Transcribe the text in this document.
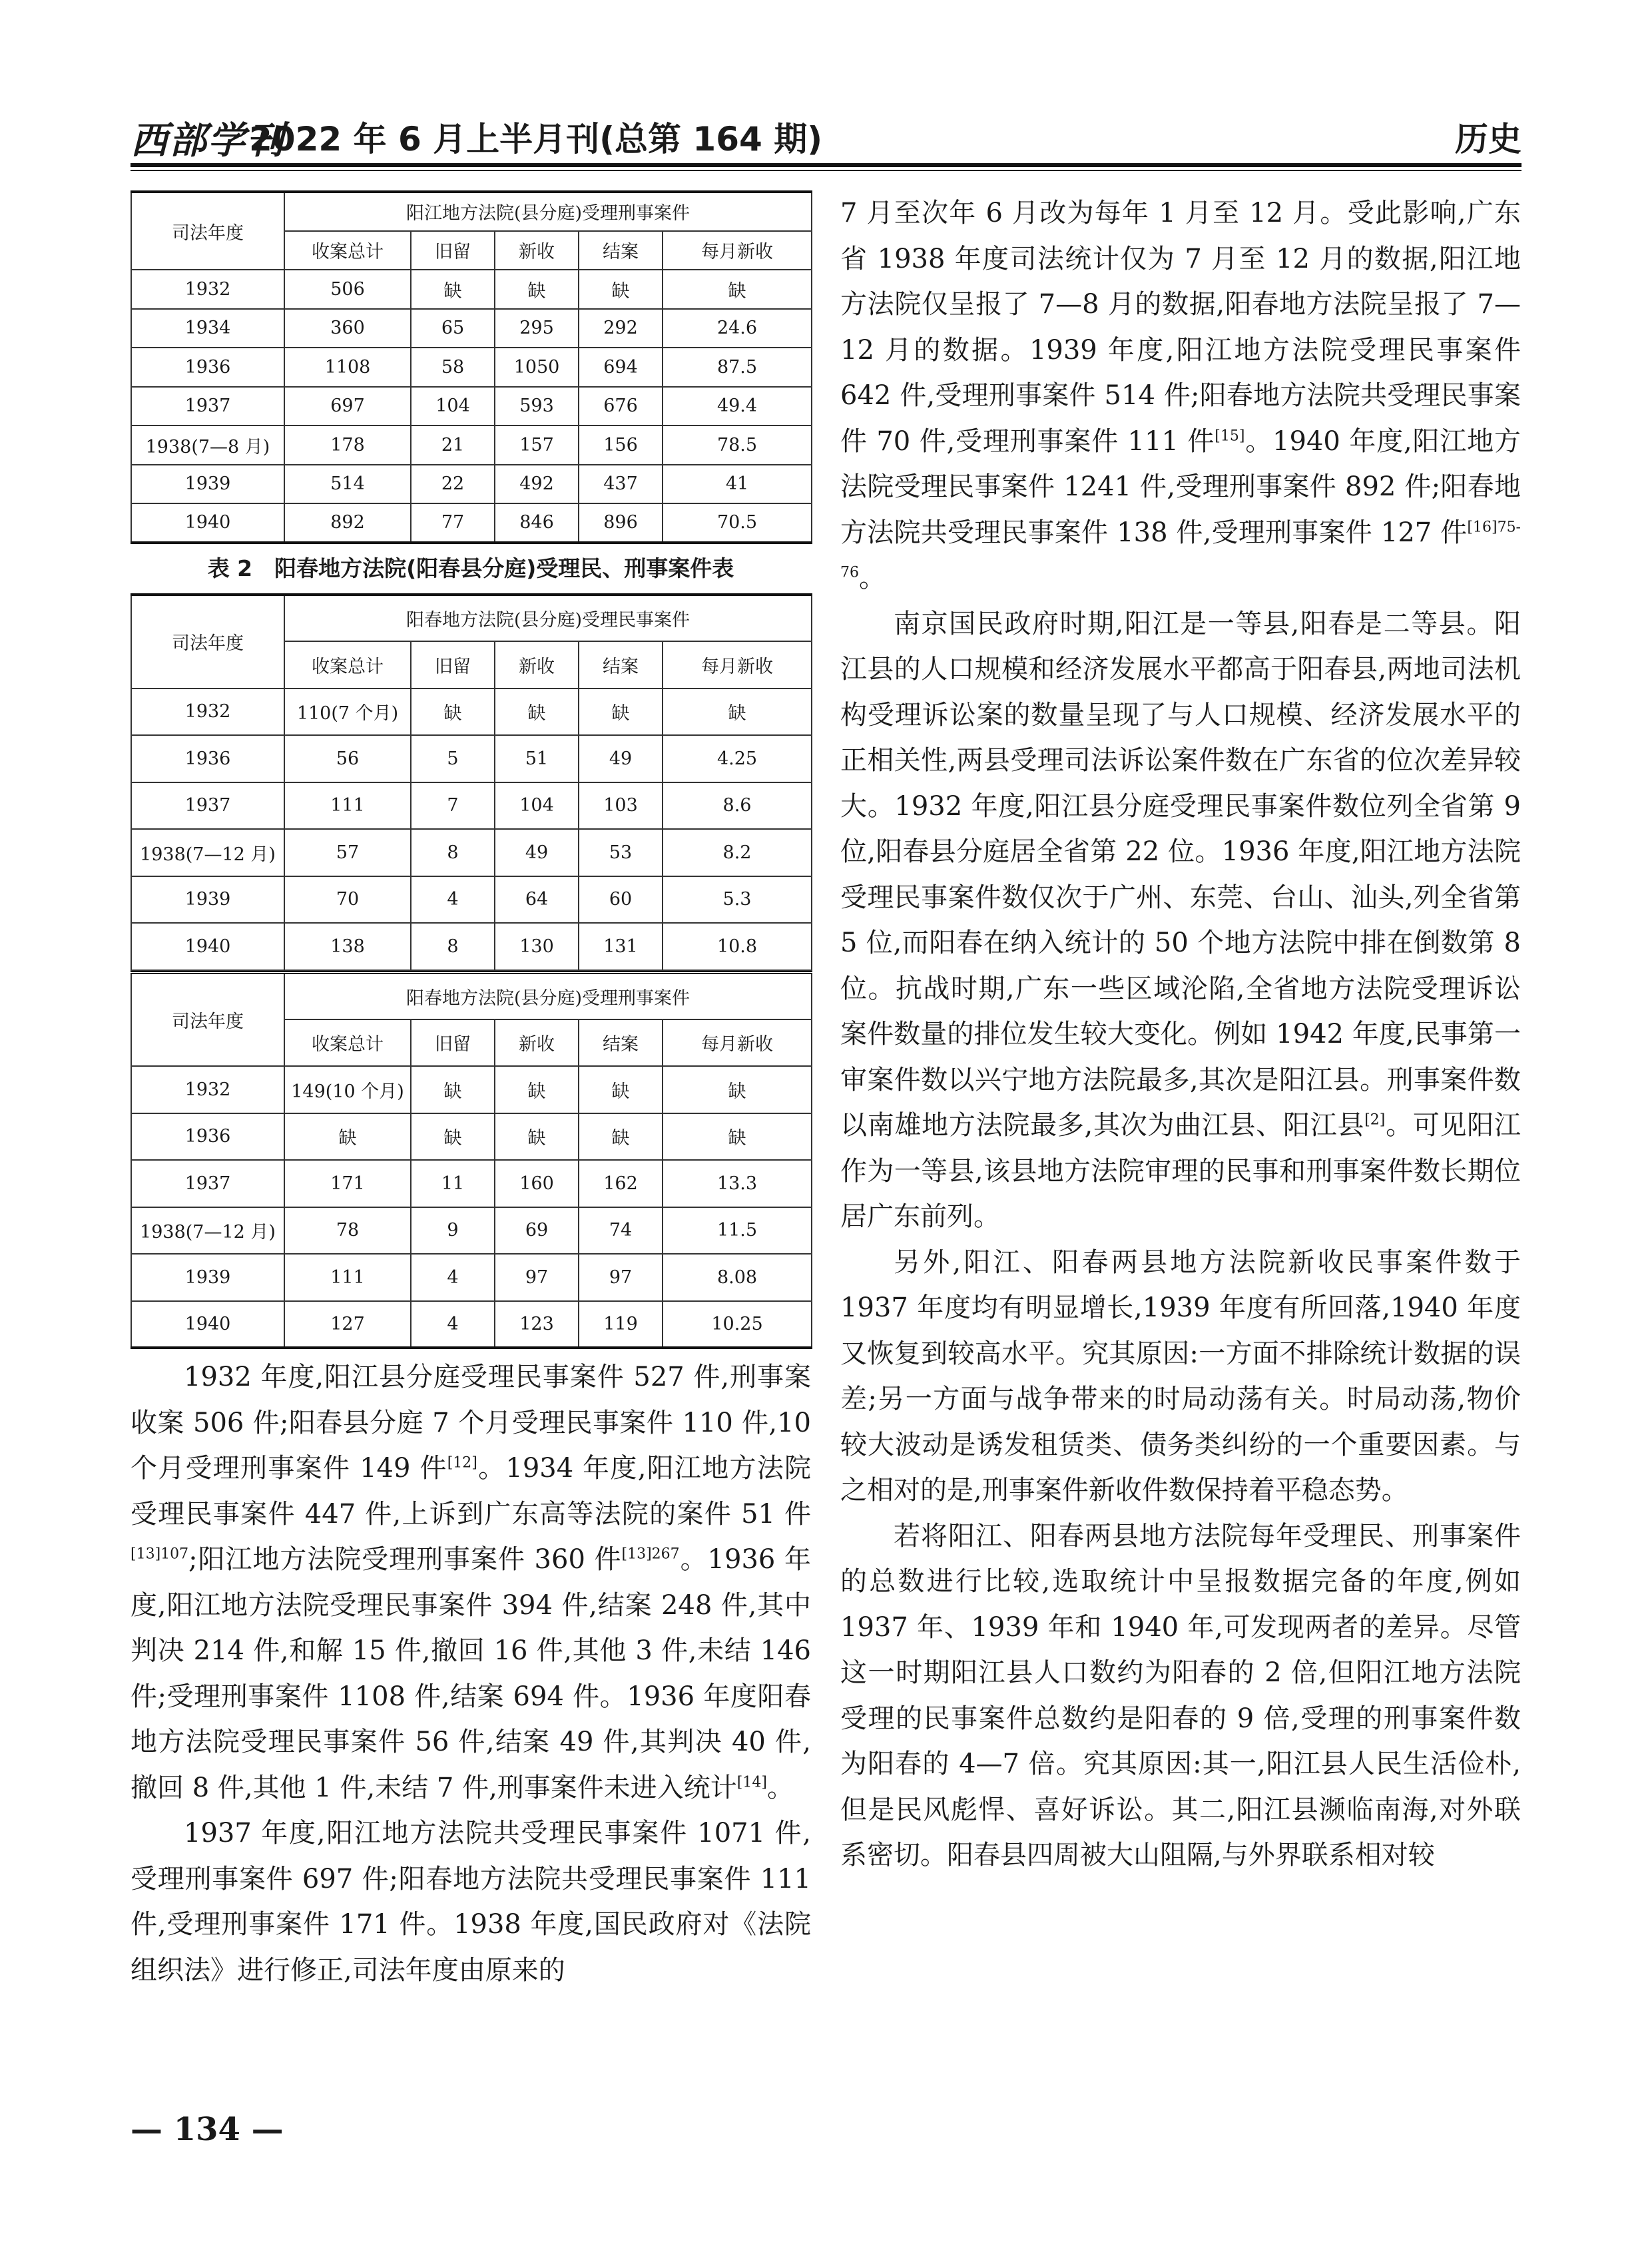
西部学刊
2022 年 6 月上半月刊(总第 164 期)	历史
司法年度	阳江地方法院(县分庭)受理刑事案件				
	收案总计	旧留	新收	结案	每月新收
1932	506	缺	缺	缺	缺
1934	360	65	295	292	24.6
1936	1108	58	1050	694	87.5
1937	697	104	593	676	49.4
1938(7—8 月)	178	21	157	156	78.5
1939	514	22	492	437	41
1940	892	77	846	896	70.5
表 2　阳春地方法院(阳春县分庭)受理民、刑事案件表
司法年度	阳春地方法院(县分庭)受理民事案件				
	收案总计	旧留	新收	结案	每月新收
1932	110(7 个月)	缺	缺	缺	缺
1936	56	5	51	49	4.25
1937	111	7	104	103	8.6
1938(7—12 月)	57	8	49	53	8.2
1939	70	4	64	60	5.3
1940	138	8	130	131	10.8
司法年度	阳春地方法院(县分庭)受理刑事案件				
	收案总计	旧留	新收	结案	每月新收
1932	149(10 个月)	缺	缺	缺	缺
1936	缺	缺	缺	缺	缺
1937	171	11	160	162	13.3
1938(7—12 月)	78	9	69	74	11.5
1939	111	4	97	97	8.08
1940	127	4	123	119	10.25

1932 年度,阳江县分庭受理民事案件 527 件,刑事案收案 506 件;阳春县分庭 7 个月受理民事案件 110 件,10 个月受理刑事案件 149 件[12]。1934 年度,阳江地方法院受理民事案件 447 件,上诉到广东高等法院的案件 51 件$^{[13]107}$;阳江地方法院受理刑事案件 360 件$^{[13]267}$。1936 年度,阳江地方法院受理民事案件 394 件,结案 248 件,其中判决 214 件,和解 15 件,撤回 16 件,其他 3 件,未结 146 件;受理刑事案件 1108 件,结案 694 件。1936 年度阳春地方法院受理民事案件 56 件,结案 49 件,其判决 40 件,撤回 8 件,其他 1 件,未结 7 件,刑事案件未进入统计[14]。

1937 年度,阳江地方法院共受理民事案件 1071 件,受理刑事案件 697 件;阳春地方法院共受理民事案件 111 件,受理刑事案件 171 件。1938 年度,国民政府对《法院组织法》进行修正,司法年度由原来的

7 月至次年 6 月改为每年 1 月至 12 月。受此影响,广东省 1938 年度司法统计仅为 7 月至 12 月的数据,阳江地方法院仅呈报了 7—8 月的数据,阳春地方法院呈报了 7—12 月的数据。1939 年度,阳江地方法院受理民事案件 642 件,受理刑事案件 514 件;阳春地方法院共受理民事案件 70 件,受理刑事案件 111 件[15]。1940 年度,阳江地方法院受理民事案件 1241 件,受理刑事案件 892 件;阳春地方法院共受理民事案件 138 件,受理刑事案件 127 件$^{[16]75-76}$。

南京国民政府时期,阳江是一等县,阳春是二等县。阳江县的人口规模和经济发展水平都高于阳春县,两地司法机构受理诉讼案的数量呈现了与人口规模、经济发展水平的正相关性,两县受理司法诉讼案件数在广东省的位次差异较大。1932 年度,阳江县分庭受理民事案件数位列全省第 9 位,阳春县分庭居全省第 22 位。1936 年度,阳江地方法院受理民事案件数仅次于广州、东莞、台山、汕头,列全省第 5 位,而阳春在纳入统计的 50 个地方法院中排在倒数第 8 位。抗战时期,广东一些区域沦陷,全省地方法院受理诉讼案件数量的排位发生较大变化。例如 1942 年度,民事第一审案件数以兴宁地方法院最多,其次是阳江县。刑事案件数以南雄地方法院最多,其次为曲江县、阳江县[2]。可见阳江作为一等县,该县地方法院审理的民事和刑事案件数长期位居广东前列。

另外,阳江、阳春两县地方法院新收民事案件数于 1937 年度均有明显增长,1939 年度有所回落,1940 年度又恢复到较高水平。究其原因:一方面不排除统计数据的误差;另一方面与战争带来的时局动荡有关。时局动荡,物价较大波动是诱发租赁类、债务类纠纷的一个重要因素。与之相对的是,刑事案件新收件数保持着平稳态势。

若将阳江、阳春两县地方法院每年受理民、刑事案件的总数进行比较,选取统计中呈报数据完备的年度,例如 1937 年、1939 年和 1940 年,可发现两者的差异。尽管这一时期阳江县人口数约为阳春的 2 倍,但阳江地方法院受理的民事案件总数约是阳春的 9 倍,受理的刑事案件数为阳春的 4—7 倍。究其原因:其一,阳江县人民生活俭朴,但是民风彪悍、喜好诉讼。其二,阳江县濒临南海,对外联系密切。阳春县四周被大山阻隔,与外界联系相对较

— 134 —
